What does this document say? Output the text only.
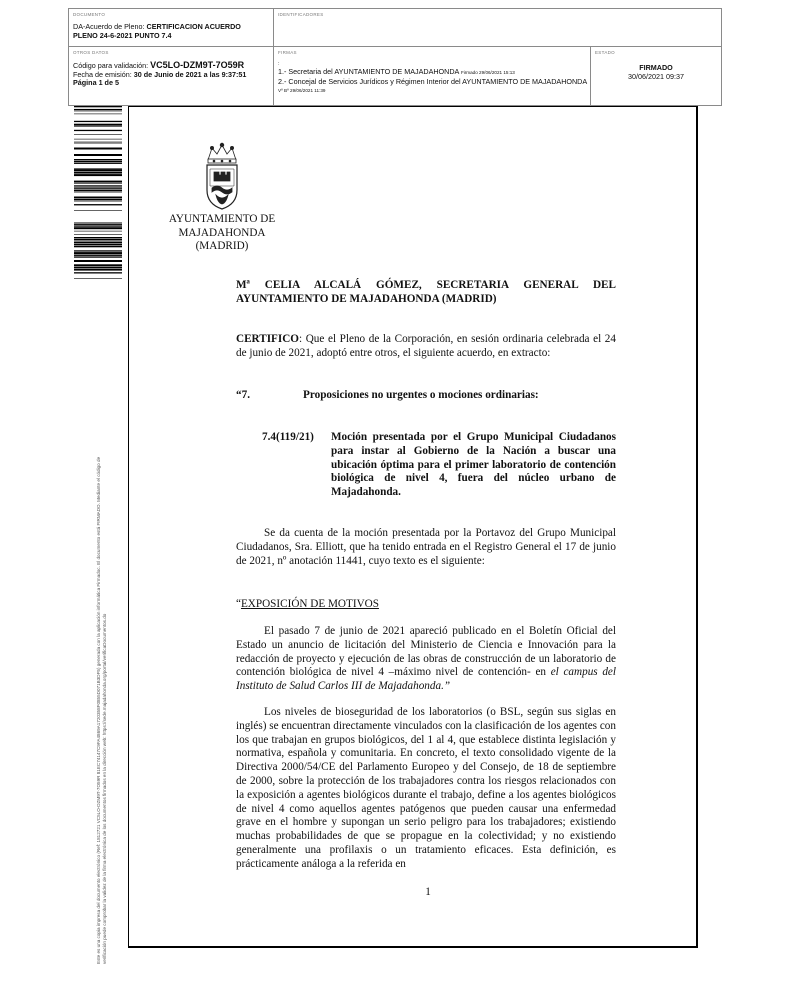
DOCUMENTO
DA-Acuerdo de Pleno: CERTIFICACION ACUERDO
PLENO 24-6-2021 PUNTO 7.4
IDENTIFICADORES
OTROS DATOS
Código para validación: VC5LO-DZM9T-7O59R
Fecha de emisión: 30 de Junio de 2021 a las 9:37:51
Página 1 de 5
FIRMAS
:
1.- Secretaria del AYUNTAMIENTO DE MAJADAHONDA Firmado 29/06/2021 15:13
2.- Concejal de Servicios Jurídicos y Régimen Interior del AYUNTAMIENTO DE MAJADAHONDA
Vº Bº 29/06/2021 11:39
ESTADO
FIRMADO
30/06/2021 09:37
Este es una copia impresa del documento electrónico (Ref: 1812721 VC5LO-DZM9T-7O59R 81EC74147C9FA4869A1720358F0855D071B3DF5) generada con la aplicación informática Firmadoc. El documento está FIRMADO. Mediante el código de verificación puede comprobar la validez de la firma electrónica de los documentos firmados en la dirección web: https://sede.majadahonda.org/portal/verificaDocumentos.do
AYUNTAMIENTO DE
MAJADAHONDA
(MADRID)
Mª CELIA ALCALÁ GÓMEZ, SECRETARIA GENERAL DEL AYUNTAMIENTO DE MAJADAHONDA (MADRID)
CERTIFICO: Que el Pleno de la Corporación, en sesión ordinaria celebrada el 24 de junio de 2021, adoptó entre otros, el siguiente acuerdo, en extracto:
“7.	Proposiciones no urgentes o mociones ordinarias:
7.4(119/21) Moción presentada por el Grupo Municipal Ciudadanos para instar al Gobierno de la Nación a buscar una ubicación óptima para el primer laboratorio de contención biológica de nivel 4, fuera del núcleo urbano de Majadahonda.
Se da cuenta de la moción presentada por la Portavoz del Grupo Municipal Ciudadanos, Sra. Elliott, que ha tenido entrada en el Registro General el 17 de junio de 2021, nº anotación 11441, cuyo texto es el siguiente:
“EXPOSICIÓN DE MOTIVOS
El pasado 7 de junio de 2021 apareció publicado en el Boletín Oficial del Estado un anuncio de licitación del Ministerio de Ciencia e Innovación para la redacción de proyecto y ejecución de las obras de construcción de un laboratorio de contención biológica de nivel 4 –máximo nivel de contención- en el campus del Instituto de Salud Carlos III de Majadahonda.”
Los niveles de bioseguridad de los laboratorios (o BSL, según sus siglas en inglés) se encuentran directamente vinculados con la clasificación de los agentes con los que trabajan en grupos biológicos, del 1 al 4, que establece distinta legislación y normativa, española y comunitaria. En concreto, el texto consolidado vigente de la Directiva 2000/54/CE del Parlamento Europeo y del Consejo, de 18 de septiembre de 2000, sobre la protección de los trabajadores contra los riesgos relacionados con la exposición a agentes biológicos durante el trabajo, define a los agentes biológicos de nivel 4 como aquellos agentes patógenos que pueden causar una enfermedad grave en el hombre y supongan un serio peligro para los trabajadores; existiendo muchas probabilidades de que se propague en la colectividad; y no existiendo generalmente una profilaxis o un tratamiento eficaces. Esta definición, es prácticamente análoga a la referida en
1
